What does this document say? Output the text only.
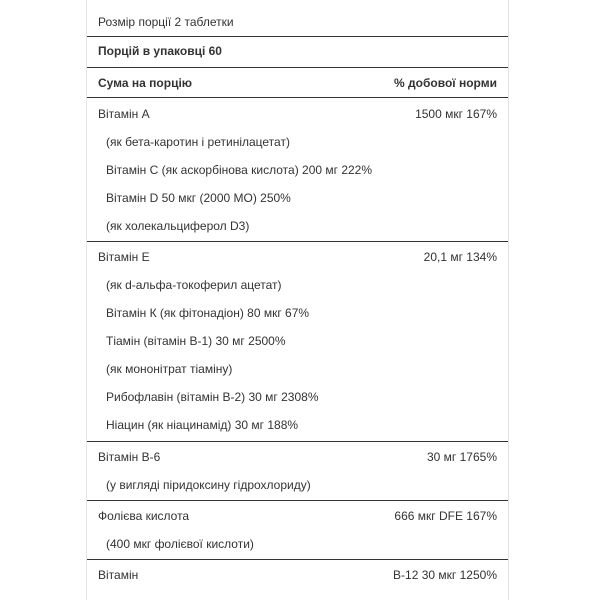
Розмір порції 2 таблетки
Порцій в упаковці 60
Сума на порцію	% добової норми
Вітамін А	1500 мкг 167%
(як бета-каротин і ретинілацетат)
Вітамін С (як аскорбінова кислота) 200 мг 222%
Вітамін D 50 мкг (2000 МО) 250%
(як холекальциферол D3)
Вітамін Е	20,1 мг 134%
(як d-альфа-токоферил ацетат)
Вітамін К (як фітонадіон) 80 мкг 67%
Тіамін (вітамін В-1) 30 мг 2500%
(як мононітрат тіаміну)
Рибофлавін (вітамін В-2) 30 мг 2308%
Ніацин (як ніацинамід) 30 мг 188%
Вітамін В-6	30 мг 1765%
(у вигляді піридоксину гідрохлориду)
Фолієва кислота	666 мкг DFE 167%
(400 мкг фолієвої кислоти)
Вітамін	В-12 30 мкг 1250%
